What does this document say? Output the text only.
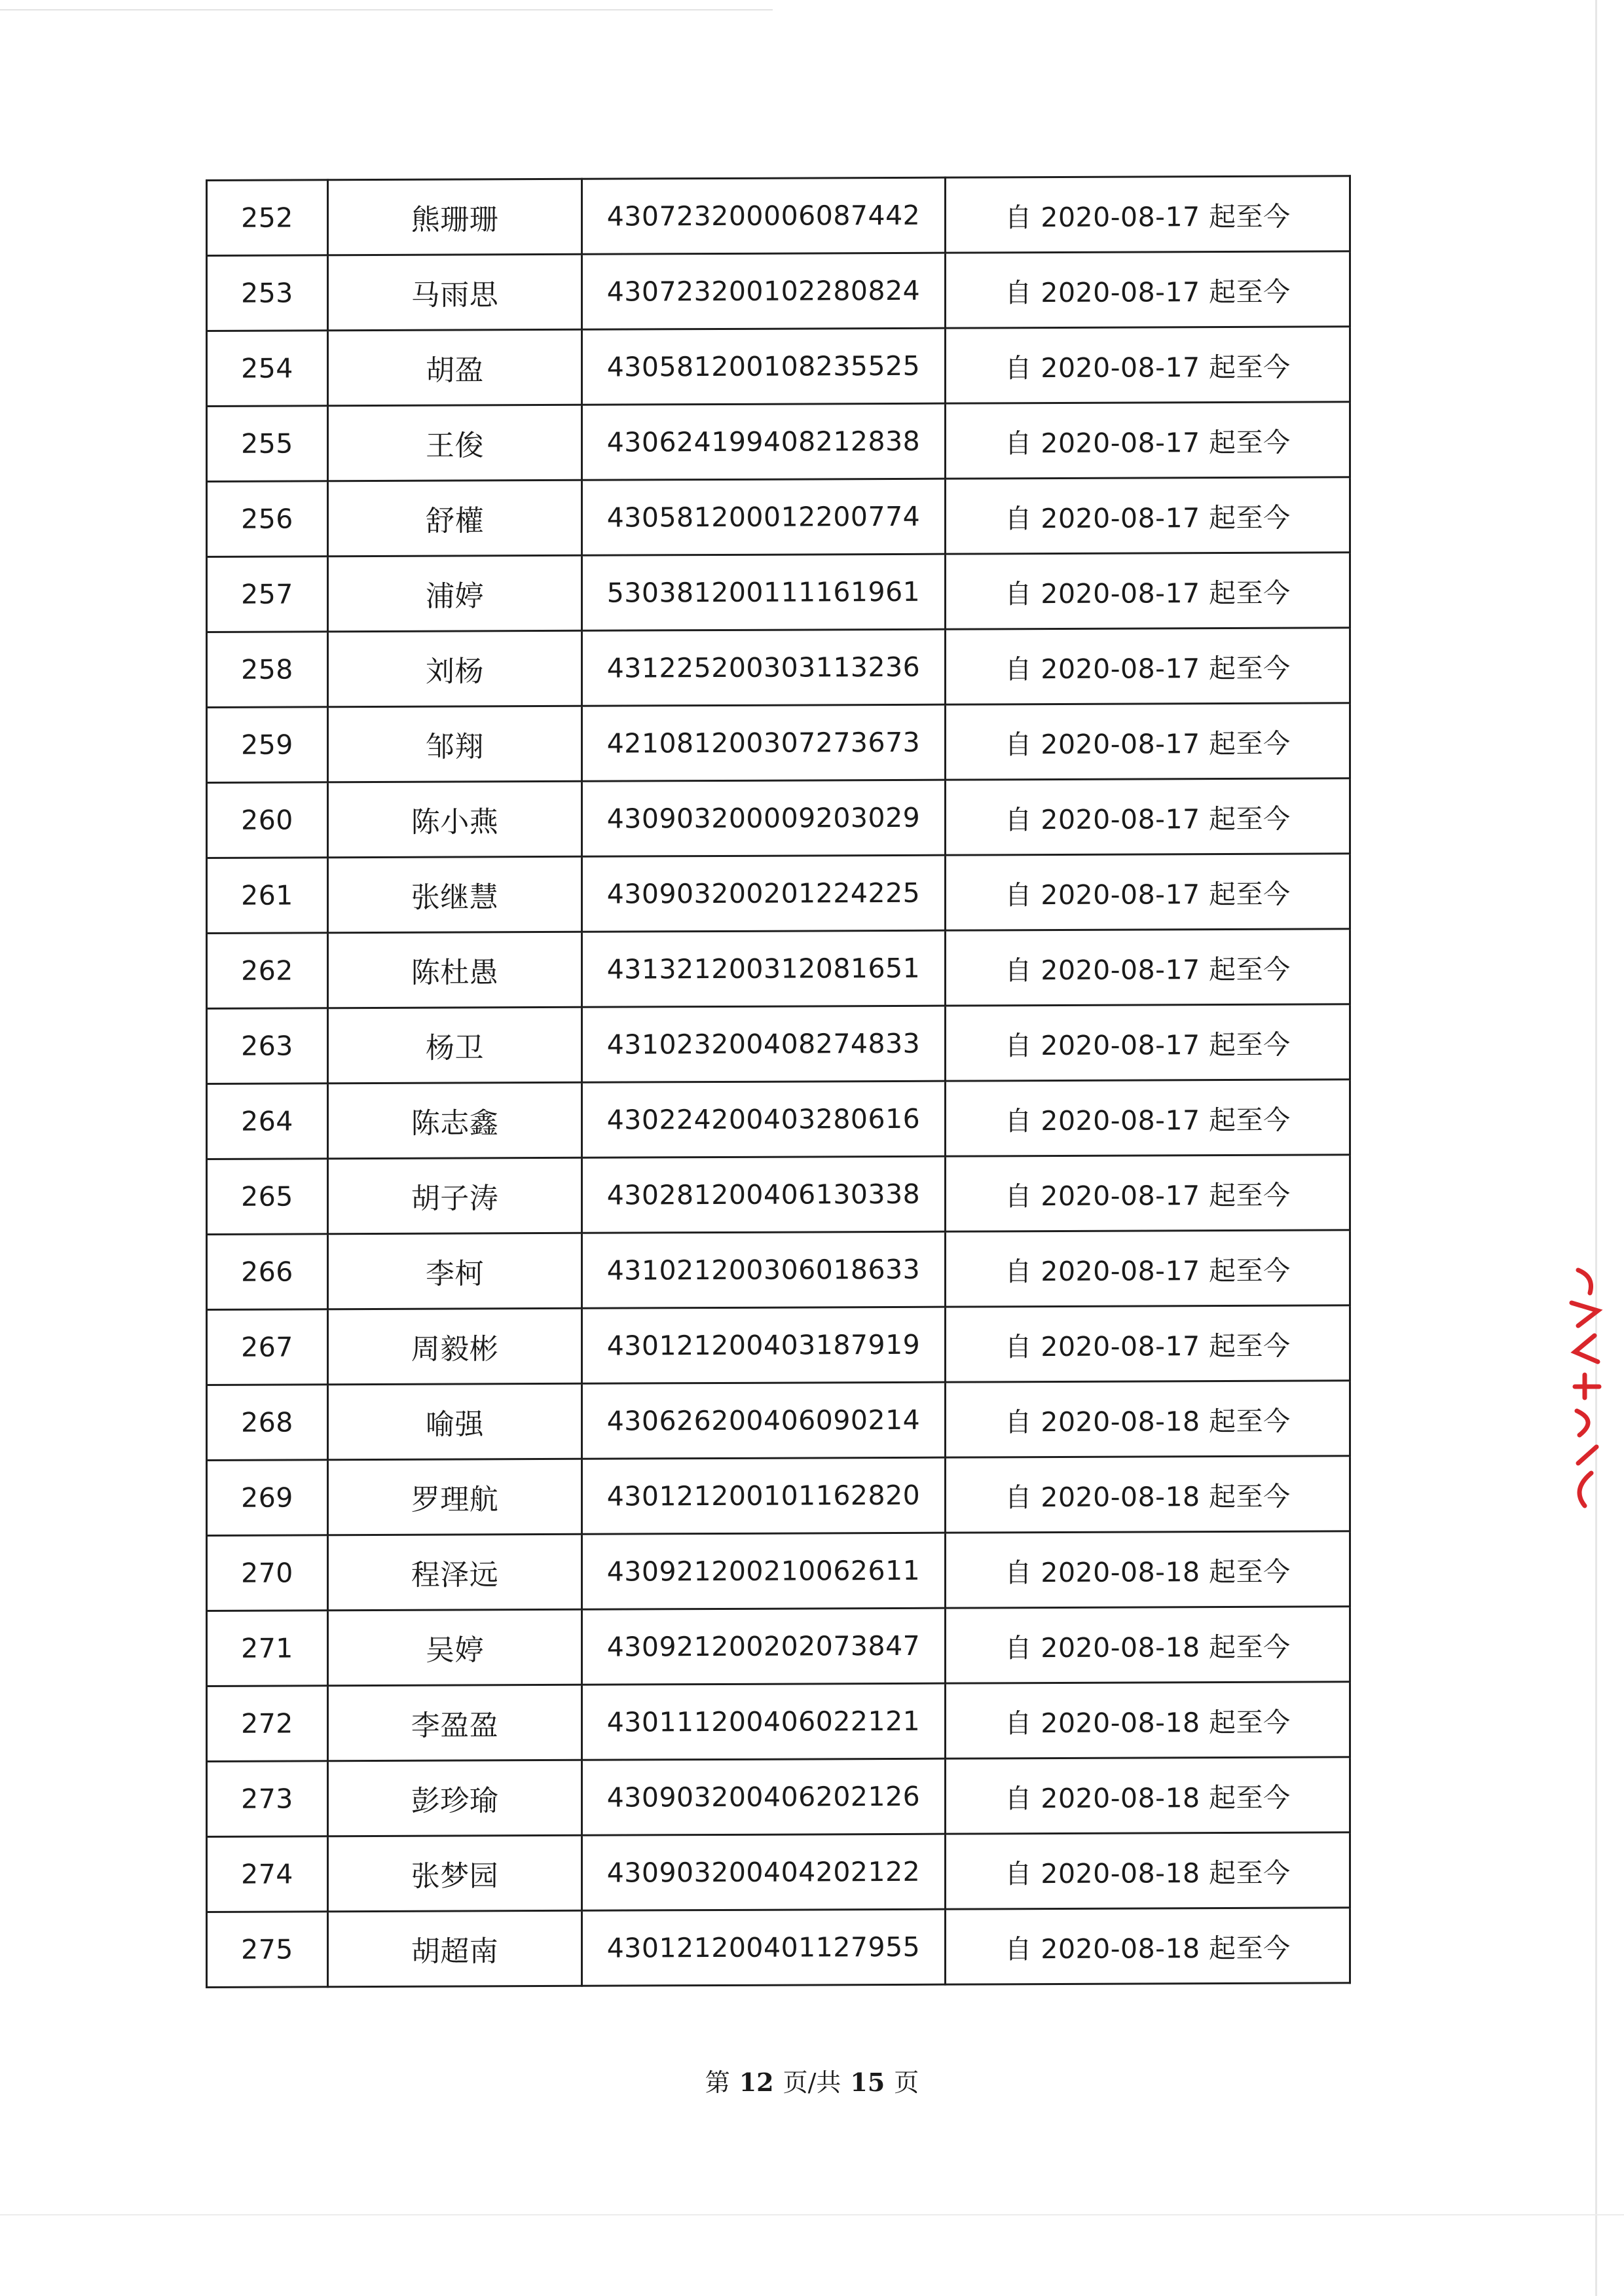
252	熊珊珊	430723200006087442	自 2020-08-17 起至今
253	马雨思	430723200102280824	自 2020-08-17 起至今
254	胡盈	430581200108235525	自 2020-08-17 起至今
255	王俊	430624199408212838	自 2020-08-17 起至今
256	舒權	430581200012200774	自 2020-08-17 起至今
257	浦婷	530381200111161961	自 2020-08-17 起至今
258	刘杨	431225200303113236	自 2020-08-17 起至今
259	邹翔	421081200307273673	自 2020-08-17 起至今
260	陈小燕	430903200009203029	自 2020-08-17 起至今
261	张继慧	430903200201224225	自 2020-08-17 起至今
262	陈杜愚	431321200312081651	自 2020-08-17 起至今
263	杨卫	431023200408274833	自 2020-08-17 起至今
264	陈志鑫	430224200403280616	自 2020-08-17 起至今
265	胡子涛	430281200406130338	自 2020-08-17 起至今
266	李柯	431021200306018633	自 2020-08-17 起至今
267	周毅彬	430121200403187919	自 2020-08-17 起至今
268	喻强	430626200406090214	自 2020-08-18 起至今
269	罗理航	430121200101162820	自 2020-08-18 起至今
270	程泽远	430921200210062611	自 2020-08-18 起至今
271	吴婷	430921200202073847	自 2020-08-18 起至今
272	李盈盈	430111200406022121	自 2020-08-18 起至今
273	彭珍瑜	430903200406202126	自 2020-08-18 起至今
274	张梦园	430903200404202122	自 2020-08-18 起至今
275	胡超南	430121200401127955	自 2020-08-18 起至今
第 12 页/共 15 页
